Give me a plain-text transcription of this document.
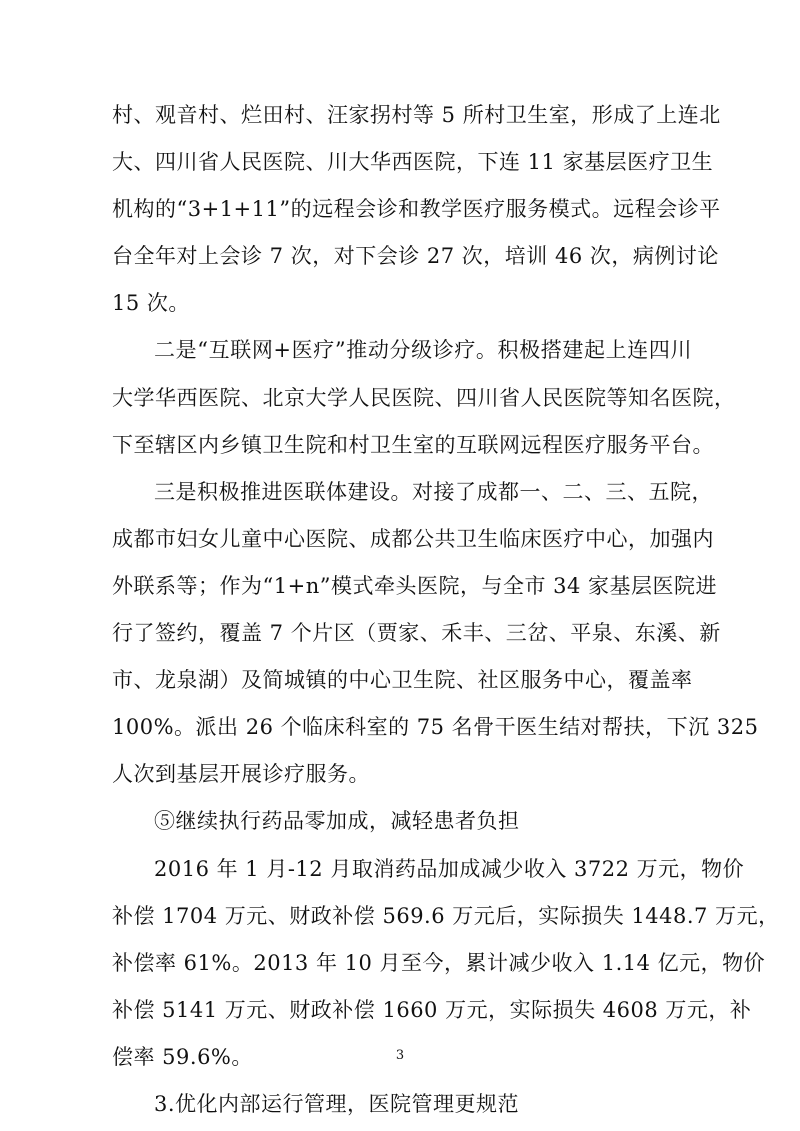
村、观音村、烂田村、汪家拐村等 5 所村卫生室，形成了上连北
大、四川省人民医院、川大华西医院，下连 11 家基层医疗卫生
机构的“3+1+11”的远程会诊和教学医疗服务模式。远程会诊平
台全年对上会诊 7 次，对下会诊 27 次，培训 46 次，病例讨论
15 次。
二是“互联网+医疗”推动分级诊疗。积极搭建起上连四川
大学华西医院、北京大学人民医院、四川省人民医院等知名医院，
下至辖区内乡镇卫生院和村卫生室的互联网远程医疗服务平台。
三是积极推进医联体建设。对接了成都一、二、三、五院，
成都市妇女儿童中心医院、成都公共卫生临床医疗中心，加强内
外联系等；作为“1+n”模式牵头医院，与全市 34 家基层医院进
行了签约，覆盖 7 个片区（贾家、禾丰、三岔、平泉、东溪、新
市、龙泉湖）及简城镇的中心卫生院、社区服务中心，覆盖率
100%。派出 26 个临床科室的 75 名骨干医生结对帮扶，下沉 325
人次到基层开展诊疗服务。
⑤继续执行药品零加成，减轻患者负担
2016 年 1 月-12 月取消药品加成减少收入 3722 万元，物价
补偿 1704 万元、财政补偿 569.6 万元后，实际损失 1448.7 万元，
补偿率 61%。2013 年 10 月至今，累计减少收入 1.14 亿元，物价
补偿 5141 万元、财政补偿 1660 万元，实际损失 4608 万元，补
偿率 59.6%。
3.优化内部运行管理，医院管理更规范
3
